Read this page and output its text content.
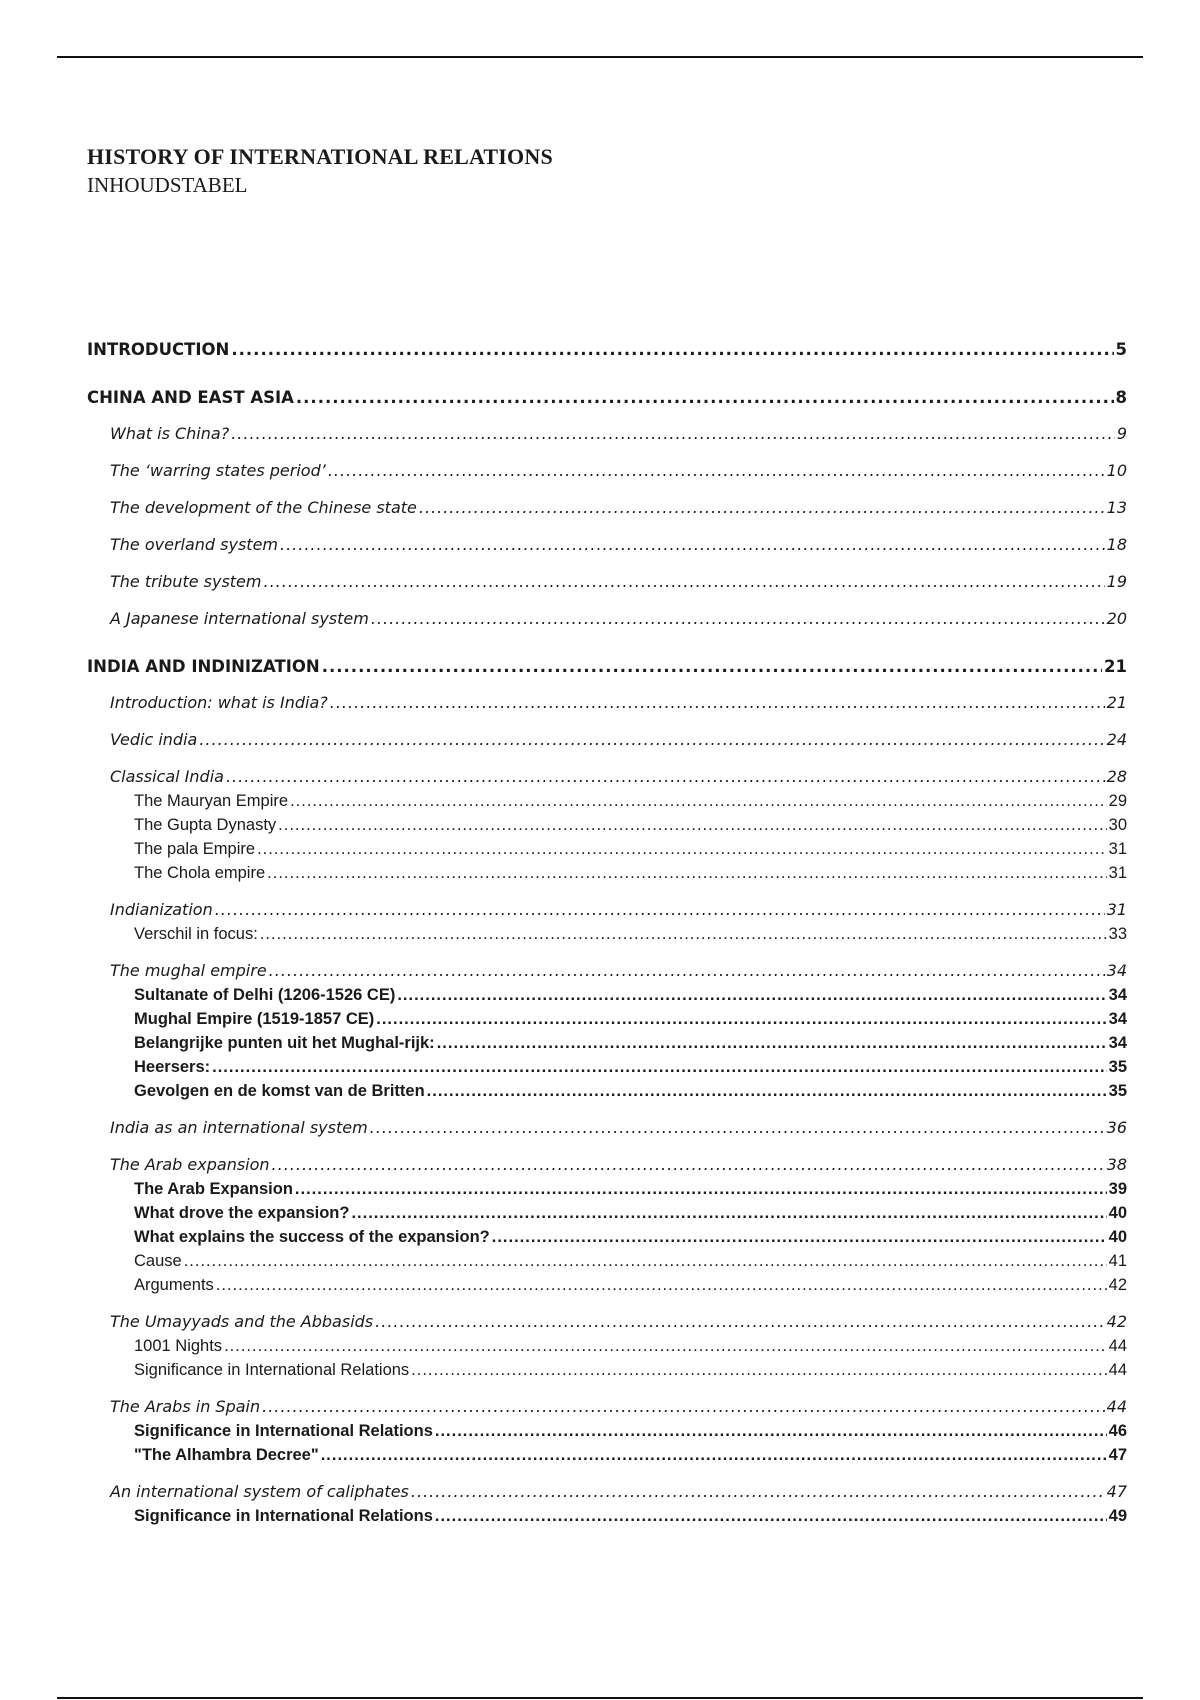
HISTORY OF INTERNATIONAL RELATIONS
INHOUDSTABEL
INTRODUCTION .....	5
CHINA AND EAST ASIA .....	8
What is China? .....	9
The ‘warring states period’ .....	10
The development of the Chinese state .....	13
The overland system .....	18
The tribute system .....	19
A Japanese international system .....	20
INDIA AND INDINIZATION .....	21
Introduction: what is India? .....	21
Vedic india .....	24
Classical India .....	28
The Mauryan Empire .....	29
The Gupta Dynasty .....	30
The pala Empire .....	31
The Chola empire .....	31
Indianization .....	31
Verschil in focus: .....	33
The mughal empire .....	34
Sultanate of Delhi (1206-1526 CE) .....	34
Mughal Empire (1519-1857 CE) .....	34
Belangrijke punten uit het Mughal-rijk: .....	34
Heersers: .....	35
Gevolgen en de komst van de Britten .....	35
India as an international system .....	36
The Arab expansion .....	38
The Arab Expansion .....	39
What drove the expansion? .....	40
What explains the success of the expansion? .....	40
Cause .....	41
Arguments .....	42
The Umayyads and the Abbasids .....	42
1001 Nights .....	44
Significance in International Relations .....	44
The Arabs in Spain .....	44
Significance in International Relations .....	46
"The Alhambra Decree" .....	47
An international system of caliphates .....	47
Significance in International Relations .....	49
